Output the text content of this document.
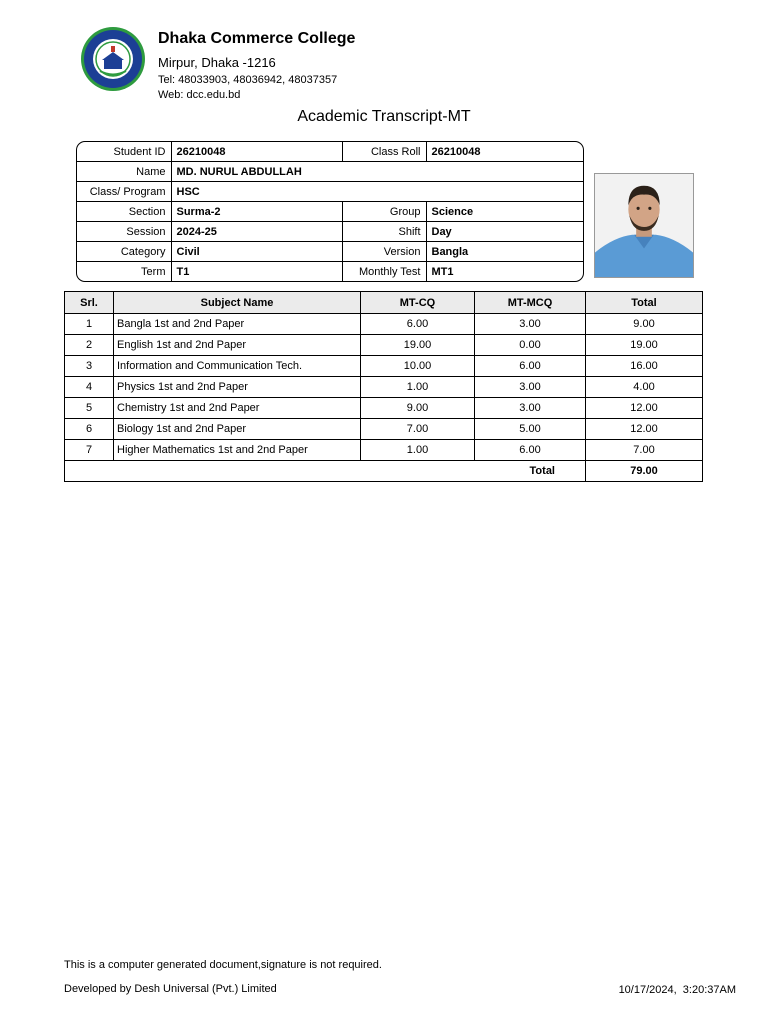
Dhaka Commerce College
Mirpur, Dhaka -1216
Tel: 48033903, 48036942, 48037357
Web: dcc.edu.bd
Academic Transcript-MT
Student ID	26210048	Class Roll	26210048
Name	MD. NURUL ABDULLAH		
Class/ Program	HSC		
Section	Surma-2	Group	Science
Session	2024-25	Shift	Day
Category	Civil	Version	Bangla
Term	T1	Monthly Test	MT1
Srl.	Subject Name	MT-CQ	MT-MCQ	Total
1	Bangla 1st and 2nd Paper	6.00	3.00	9.00
2	English 1st and 2nd Paper	19.00	0.00	19.00
3	Information and Communication Tech.	10.00	6.00	16.00
4	Physics 1st and 2nd Paper	1.00	3.00	4.00
5	Chemistry 1st and 2nd Paper	9.00	3.00	12.00
6	Biology 1st and 2nd Paper	7.00	5.00	12.00
7	Higher Mathematics 1st and 2nd Paper	1.00	6.00	7.00
			Total	79.00
This is a computer generated document,signature is not required.
Developed by Desh Universal (Pvt.) Limited	10/17/2024,  3:20:37AM
